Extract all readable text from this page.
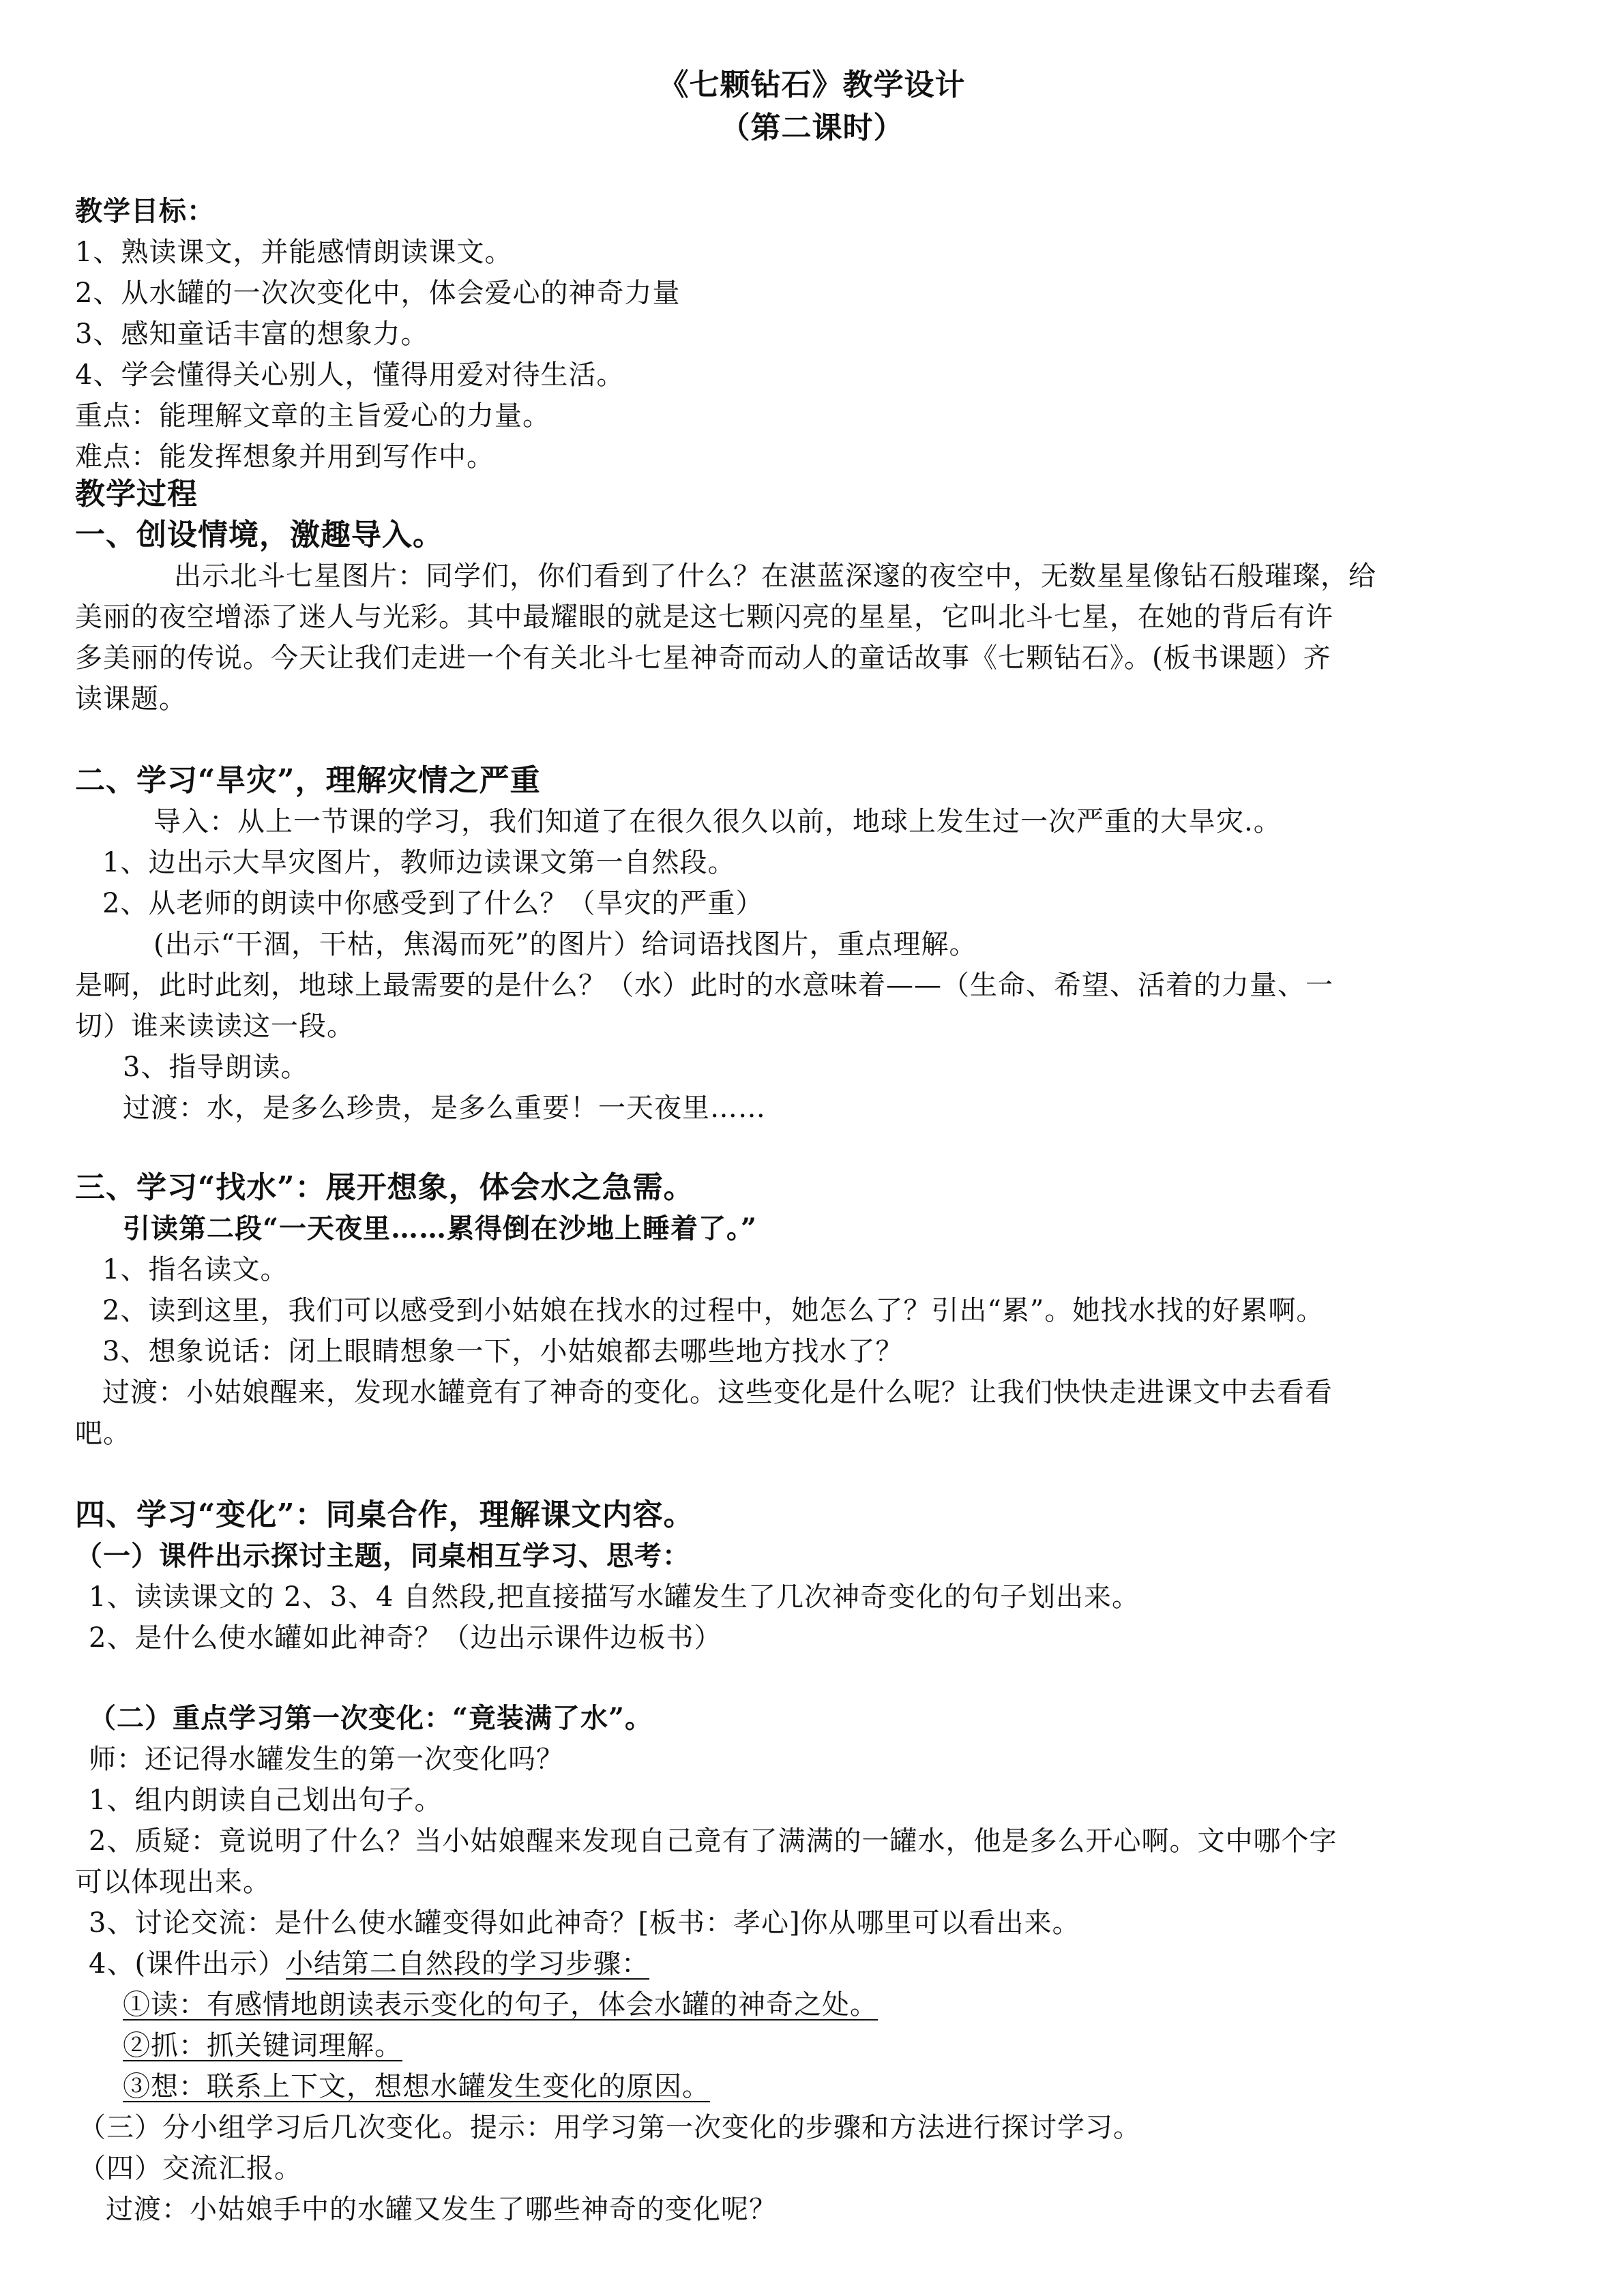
《七颗钻石》教学设计
（第二课时）
教学目标：
1、熟读课文，并能感情朗读课文。
2、从水罐的一次次变化中，体会爱心的神奇力量
3、感知童话丰富的想象力。
4、学会懂得关心别人，懂得用爱对待生活。
重点：能理解文章的主旨爱心的力量。
难点：能发挥想象并用到写作中。
教学过程
一、创设情境，激趣导入。
出示北斗七星图片：同学们，你们看到了什么？在湛蓝深邃的夜空中，无数星星像钻石般璀璨，给
美丽的夜空增添了迷人与光彩。其中最耀眼的就是这七颗闪亮的星星，它叫北斗七星，在她的背后有许
多美丽的传说。今天让我们走进一个有关北斗七星神奇而动人的童话故事《七颗钻石》。(板书课题）齐
读课题。
二、学习“旱灾”，理解灾情之严重
导入：从上一节课的学习，我们知道了在很久很久以前，地球上发生过一次严重的大旱灾.。
1、边出示大旱灾图片，教师边读课文第一自然段。
2、从老师的朗读中你感受到了什么？（旱灾的严重）
(出示“干涸，干枯，焦渴而死”的图片）给词语找图片，重点理解。
是啊，此时此刻，地球上最需要的是什么？（水）此时的水意味着——（生命、希望、活着的力量、一
切）谁来读读这一段。
3、指导朗读。
过渡：水，是多么珍贵，是多么重要！一天夜里……
三、学习“找水”：展开想象，体会水之急需。
引读第二段“一天夜里……累得倒在沙地上睡着了。”
1、指名读文。
2、读到这里，我们可以感受到小姑娘在找水的过程中，她怎么了？引出“累”。她找水找的好累啊。
3、想象说话：闭上眼睛想象一下，小姑娘都去哪些地方找水了？
过渡：小姑娘醒来，发现水罐竟有了神奇的变化。这些变化是什么呢？让我们快快走进课文中去看看
吧。
四、学习“变化”：同桌合作，理解课文内容。
（一）课件出示探讨主题，同桌相互学习、思考：
1、读读课文的 2、3、4 自然段,把直接描写水罐发生了几次神奇变化的句子划出来。
2、是什么使水罐如此神奇？（边出示课件边板书）
（二）重点学习第一次变化：“竟装满了水”。
师：还记得水罐发生的第一次变化吗？
1、组内朗读自己划出句子。
2、质疑：竟说明了什么？当小姑娘醒来发现自己竟有了满满的一罐水，他是多么开心啊。文中哪个字
可以体现出来。
3、讨论交流：是什么使水罐变得如此神奇？[板书：孝心]你从哪里可以看出来。
4、(课件出示）小结第二自然段的学习步骤：
①读：有感情地朗读表示变化的句子，体会水罐的神奇之处。
②抓：抓关键词理解。
③想：联系上下文，想想水罐发生变化的原因。
（三）分小组学习后几次变化。提示：用学习第一次变化的步骤和方法进行探讨学习。
（四）交流汇报。
过渡：小姑娘手中的水罐又发生了哪些神奇的变化呢？
